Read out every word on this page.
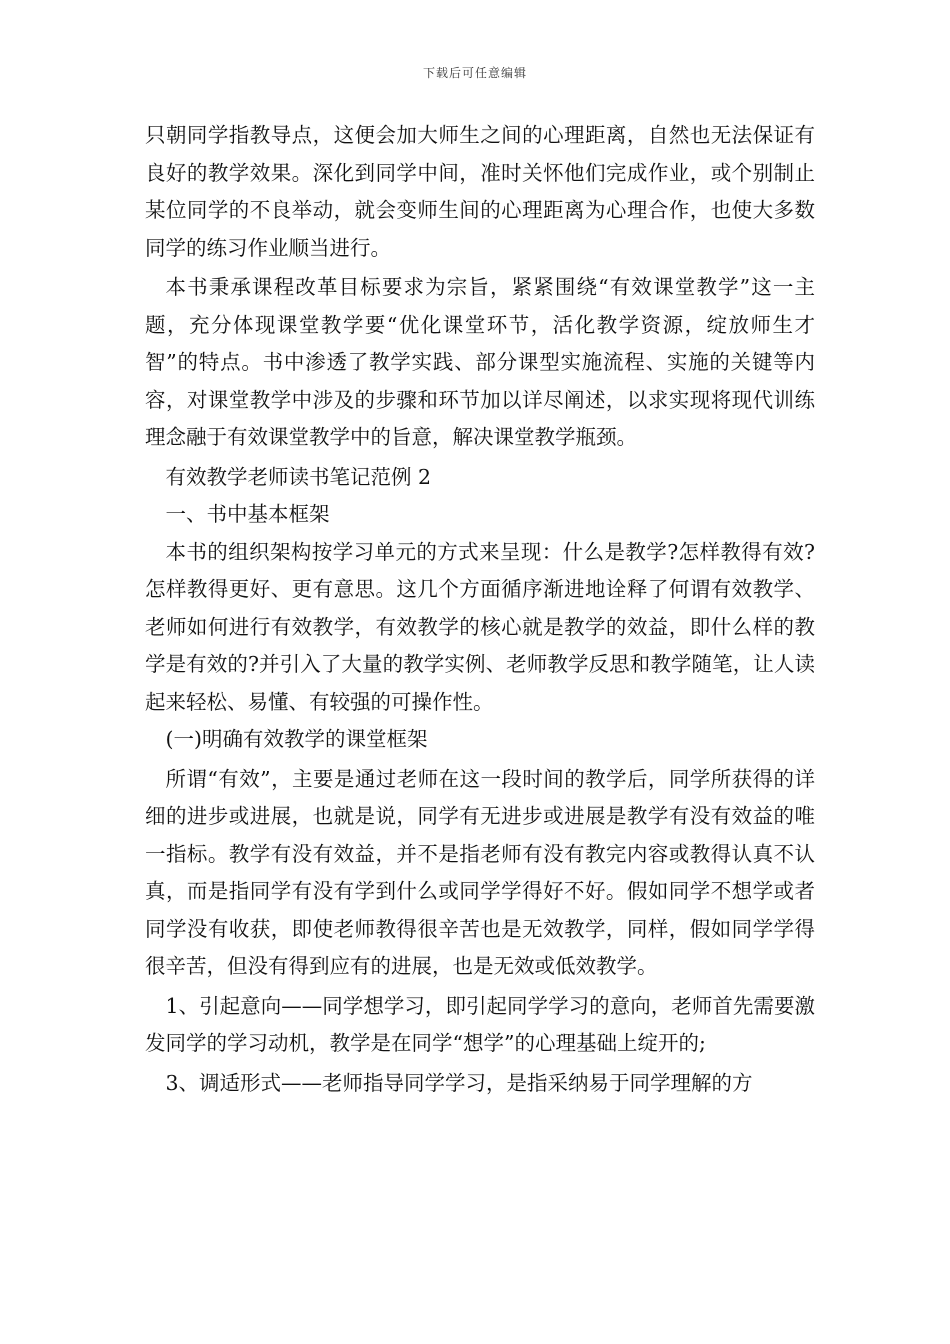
下载后可任意编辑

只朝同学指教导点，这便会加大师生之间的心理距离，自然也无法保证有良好的教学效果。深化到同学中间，准时关怀他们完成作业，或个别制止某位同学的不良举动，就会变师生间的心理距离为心理合作，也使大多数同学的练习作业顺当进行。

本书秉承课程改革目标要求为宗旨，紧紧围绕“有效课堂教学”这一主题，充分体现课堂教学要“优化课堂环节，活化教学资源，绽放师生才智”的特点。书中渗透了教学实践、部分课型实施流程、实施的关键等内容，对课堂教学中涉及的步骤和环节加以详尽阐述，以求实现将现代训练理念融于有效课堂教学中的旨意，解决课堂教学瓶颈。

有效教学老师读书笔记范例 2

一、书中基本框架

本书的组织架构按学习单元的方式来呈现：什么是教学?怎样教得有效?怎样教得更好、更有意思。这几个方面循序渐进地诠释了何谓有效教学、老师如何进行有效教学，有效教学的核心就是教学的效益，即什么样的教学是有效的?并引入了大量的教学实例、老师教学反思和教学随笔，让人读起来轻松、易懂、有较强的可操作性。

(一)明确有效教学的课堂框架

所谓“有效”，主要是通过老师在这一段时间的教学后，同学所获得的详细的进步或进展，也就是说，同学有无进步或进展是教学有没有效益的唯一指标。教学有没有效益，并不是指老师有没有教完内容或教得认真不认真，而是指同学有没有学到什么或同学学得好不好。假如同学不想学或者同学没有收获，即使老师教得很辛苦也是无效教学，同样，假如同学学得很辛苦，但没有得到应有的进展，也是无效或低效教学。

1、引起意向——同学想学习，即引起同学学习的意向，老师首先需要激发同学的学习动机，教学是在同学“想学”的心理基础上绽开的;

3、调适形式——老师指导同学学习，是指采纳易于同学理解的方
